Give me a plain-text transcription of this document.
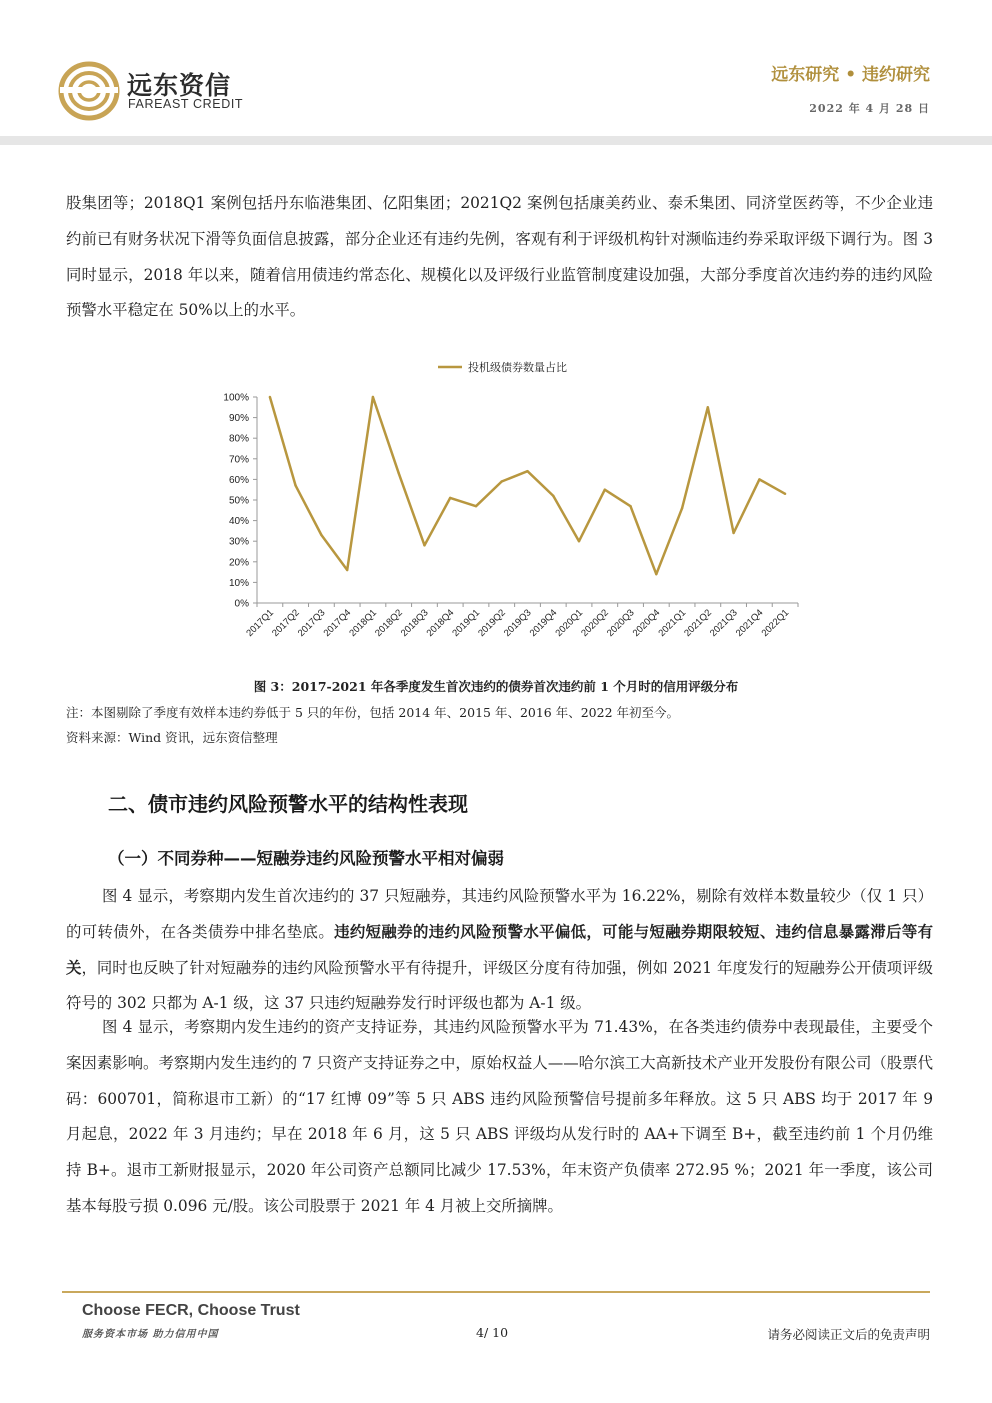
远东资信
FAREAST CREDIT
远东研究 • 违约研究
2022 年 4 月 28 日
股集团等；2018Q1 案例包括丹东临港集团、亿阳集团；2021Q2 案例包括康美药业、泰禾集团、同济堂医药等，不少企业违约前已有财务状况下滑等负面信息披露，部分企业还有违约先例，客观有利于评级机构针对濒临违约券采取评级下调行为。图 3 同时显示，2018 年以来，随着信用债违约常态化、规模化以及评级行业监管制度建设加强，大部分季度首次违约券的违约风险预警水平稳定在 50%以上的水平。
投机级债券数量占比
0%
10%
20%
30%
40%
50%
60%
70%
80%
90%
100%
2017Q1
2017Q2
2017Q3
2017Q4
2018Q1
2018Q2
2018Q3
2018Q4
2019Q1
2019Q2
2019Q3
2019Q4
2020Q1
2020Q2
2020Q3
2020Q4
2021Q1
2021Q2
2021Q3
2021Q4
2022Q1
图 3：2017-2021 年各季度发生首次违约的债券首次违约前 1 个月时的信用评级分布
注：本图剔除了季度有效样本违约券低于 5 只的年份，包括 2014 年、2015 年、2016 年、2022 年初至今。
资料来源：Wind 资讯，远东资信整理
二、债市违约风险预警水平的结构性表现
（一）不同券种——短融券违约风险预警水平相对偏弱
图 4 显示，考察期内发生首次违约的 37 只短融券，其违约风险预警水平为 16.22%，剔除有效样本数量较少（仅 1 只）的可转债外，在各类债券中排名垫底。违约短融券的违约风险预警水平偏低，可能与短融券期限较短、违约信息暴露滞后等有关，同时也反映了针对短融券的违约风险预警水平有待提升，评级区分度有待加强，例如 2021 年度发行的短融券公开债项评级符号的 302 只都为 A-1 级，这 37 只违约短融券发行时评级也都为 A-1 级。
图 4 显示，考察期内发生违约的资产支持证券，其违约风险预警水平为 71.43%，在各类违约债券中表现最佳，主要受个案因素影响。考察期内发生违约的 7 只资产支持证券之中，原始权益人——哈尔滨工大高新技术产业开发股份有限公司（股票代码：600701，简称退市工新）的“17 红博 09”等 5 只 ABS 违约风险预警信号提前多年释放。这 5 只 ABS 均于 2017 年 9 月起息，2022 年 3 月违约；早在 2018 年 6 月，这 5 只 ABS 评级均从发行时的 AA+下调至 B+，截至违约前 1 个月仍维持 B+。退市工新财报显示，2020 年公司资产总额同比减少 17.53%，年末资产负债率 272.95 %；2021 年一季度，该公司基本每股亏损 0.096 元/股。该公司股票于 2021 年 4 月被上交所摘牌。
Choose FECR, Choose Trust
服务资本市场 助力信用中国	4/ 10	请务必阅读正文后的免责声明
